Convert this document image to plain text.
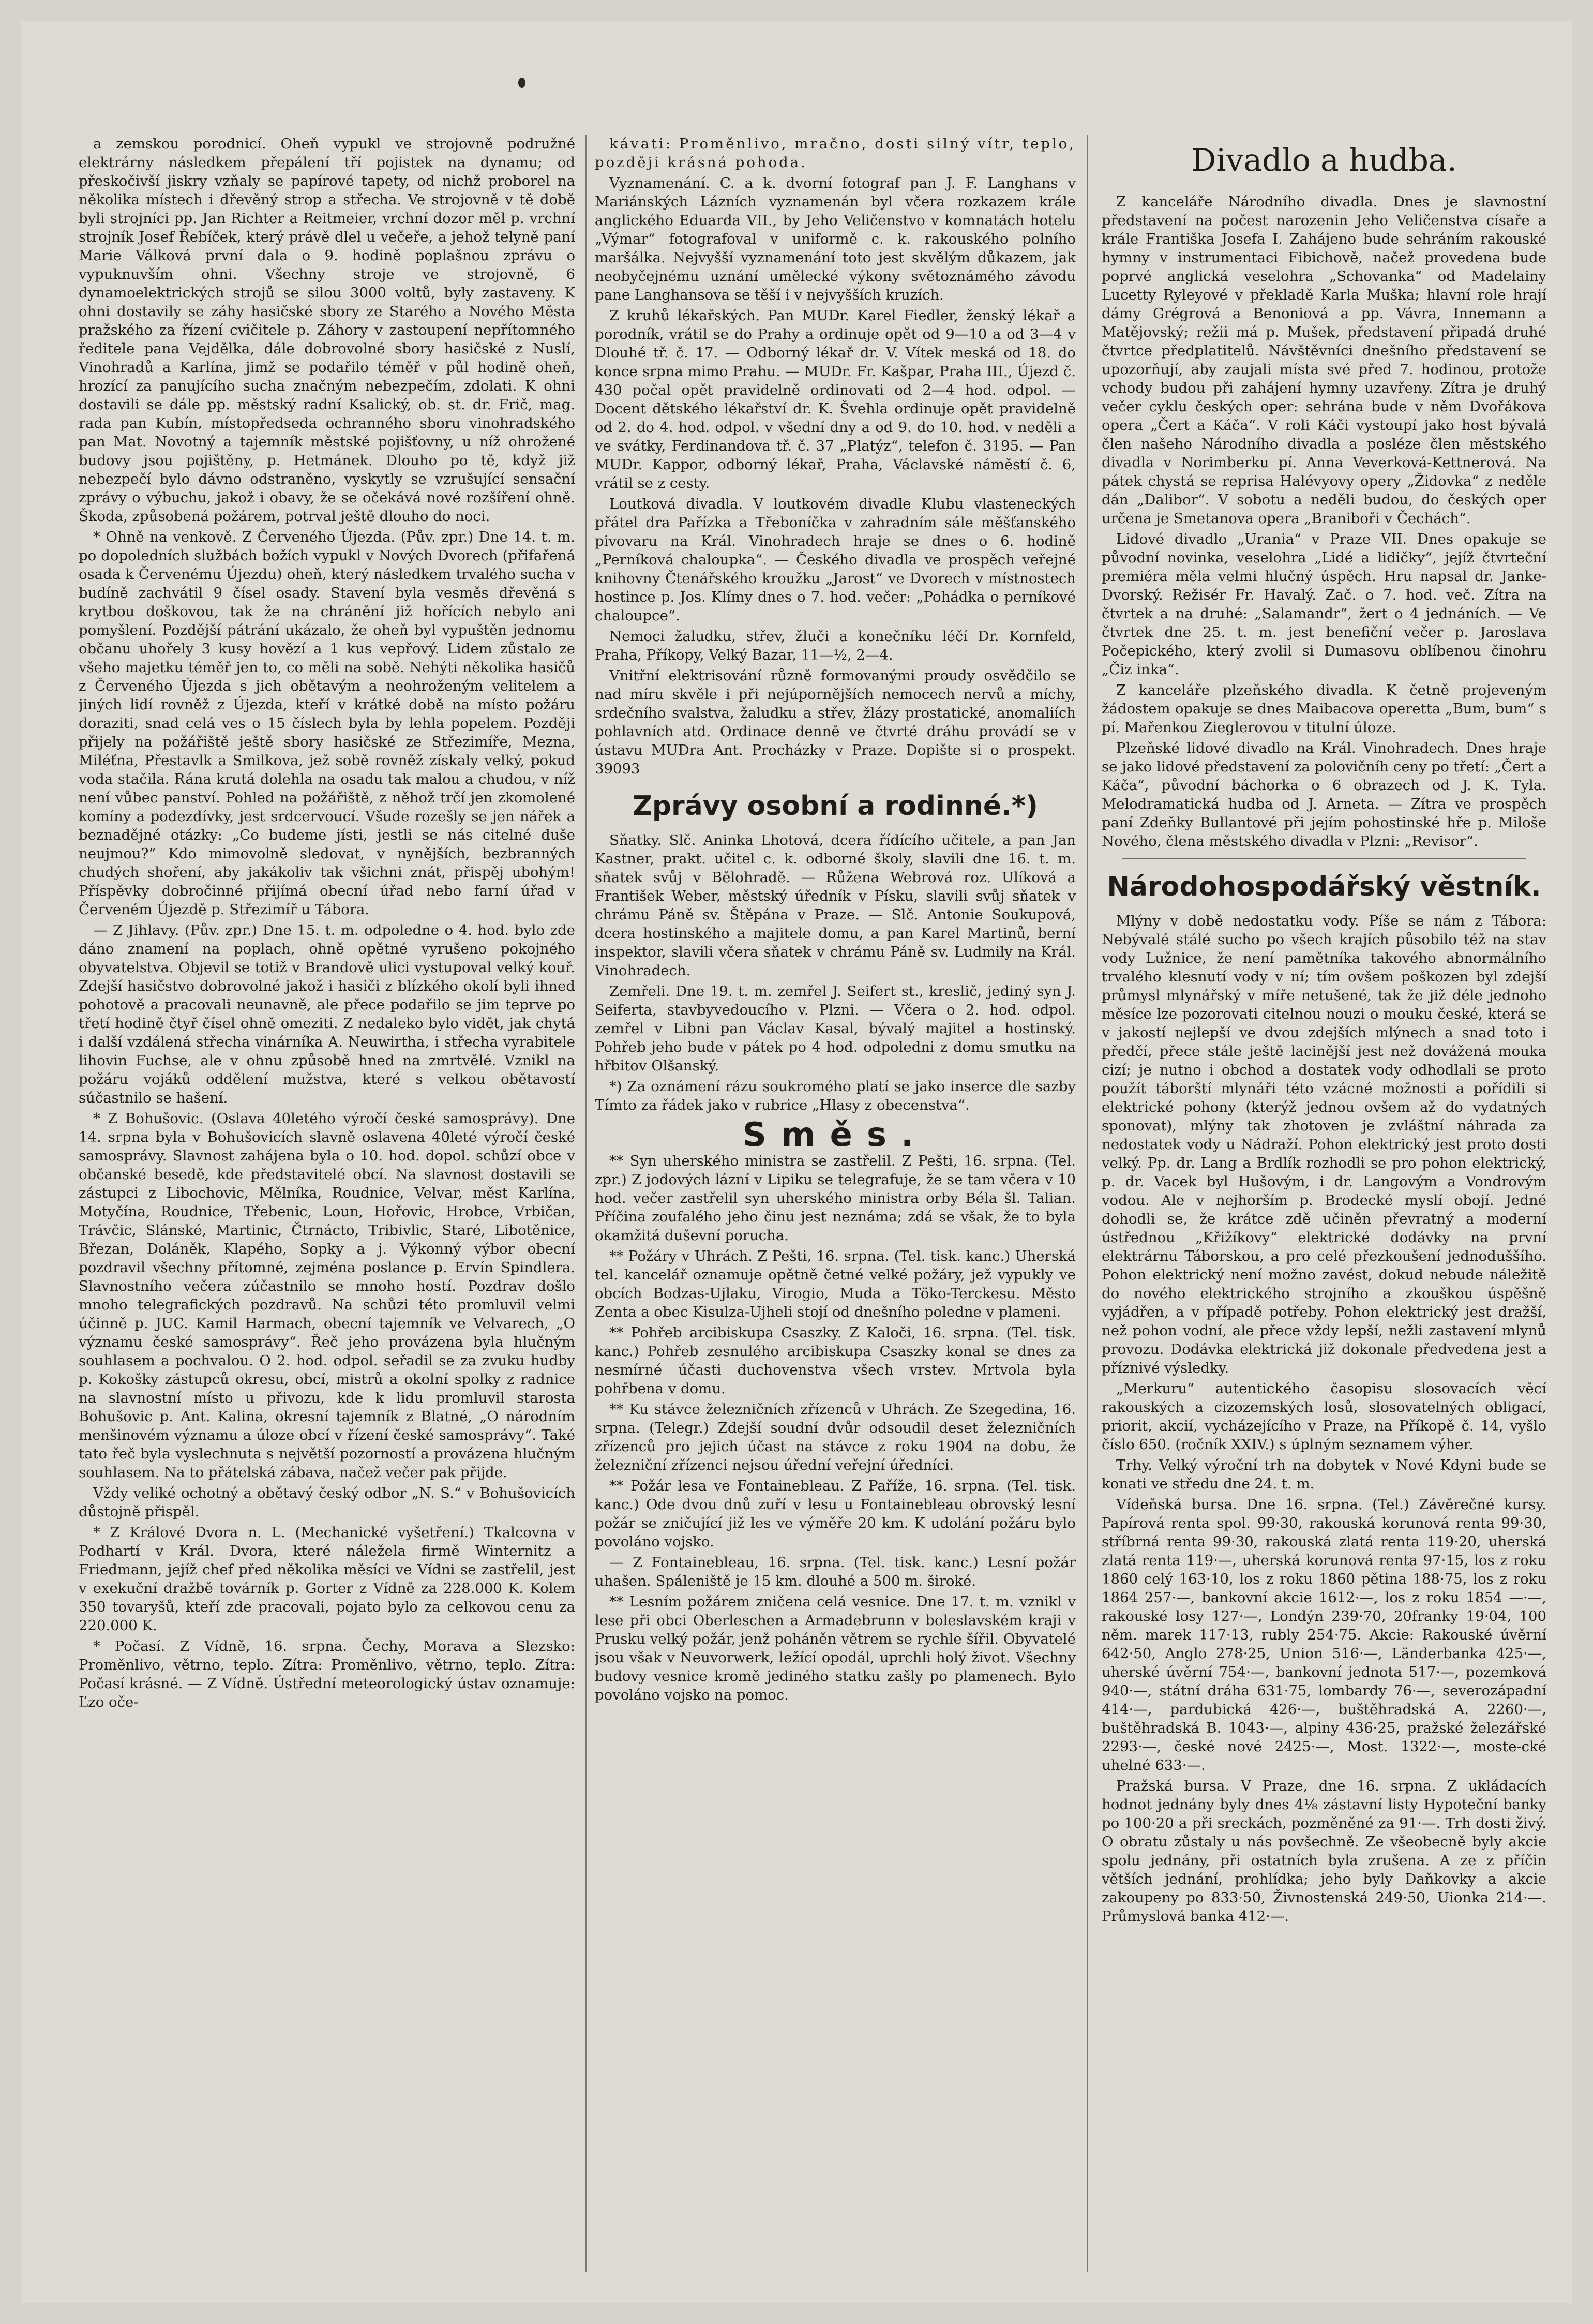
a zemskou porodnicí. Oheň vypukl ve strojovně podružné elektrárny následkem přepálení tří pojistek na dynamu; od přeskočivší jiskry vzňaly se papírové tapety, od nichž proborel na několika místech i dřevěný strop a střecha. Ve strojovně v tě době byli strojníci pp. Jan Richter a Reitmeier, vrchní dozor měl p. vrchní strojník Josef Řebíček, který právě dlel u večeře, a jehož telyně paní Marie Válková první dala o 9. hodině poplašnou zprávu o vypuknuvším ohni. Všechny stroje ve strojovně, 6 dynamoelektrických strojů se silou 3000 voltů, byly zastaveny. K ohni dostavily se záhy hasičské sbory ze Starého a Nového Města pražského za řízení cvičitele p. Záhory v zastoupení nepřítomného ředitele pana Vejdělka, dále dobrovolné sbory hasičské z Nuslí, Vinohradů a Karlína, jimž se podařilo téměř v půl hodině oheň, hrozící za panujícího sucha značným nebezpečím, zdolati. K ohni dostavili se dále pp. městský radní Ksalický, ob. st. dr. Frič, mag. rada pan Kubín, místopředseda ochranného sboru vinohradského pan Mat. Novotný a tajemník městské pojišťovny, u níž ohrožené budovy jsou pojištěny, p. Hetmánek. Dlouho po tě, když již nebezpečí bylo dávno odstraněno, vyskytly se vzrušující sensační zprávy o výbuchu, jakož i obavy, že se očekává nové rozšíření ohně. Škoda, způsobená požárem, potrval ještě dlouho do noci.

* Ohně na venkově. Z Červeného Újezda. (Pův. zpr.) Dne 14. t. m. po dopoledních službách božích vypukl v Nových Dvorech (přifařená osada k Červenému Újezdu) oheň, který následkem trvalého sucha v budíně zachvátil 9 čísel osady. Stavení byla vesměs dřevěná s krytbou doškovou, tak že na chránění již hořících nebylo ani pomyšlení. Pozdější pátrání ukázalo, že oheň byl vypuštěn jednomu občanu uhořely 3 kusy hovězí a 1 kus vepřový. Lidem zůstalo ze všeho majetku téměř jen to, co měli na sobě. Nehýti několika hasičů z Červeného Újezda s jich obětavým a neohroženým velitelem a jiných lidí rovněž z Újezda, kteří v krátké době na místo požáru doraziti, snad celá ves o 15 číslech byla by lehla popelem. Později přijely na požářiště ještě sbory hasičské ze Střezimíře, Mezna, Miléťna, Přestavlk a Smilkova, jež sobě rovněž získaly velký, pokud voda stačila. Rána krutá dolehla na osadu tak malou a chudou, v níž není vůbec panství. Pohled na požářiště, z něhož trčí jen zkomolené komíny a podezdívky, jest srdcervoucí. Všude rozešly se jen nářek a beznadějné otázky: „Co budeme jísti, jestli se nás citelné duše neujmou?“ Kdo mimovolně sledovat, v nynějších, bezbranných chudých shoření, aby jakákoliv tak všichni znát, přispěj ubohým! Příspěvky dobročinné přijímá obecní úřad nebo farní úřad v Červeném Újezdě p. Střezimíř u Tábora.

— Z Jihlavy. (Pův. zpr.) Dne 15. t. m. odpoledne o 4. hod. bylo zde dáno znamení na poplach, ohně opětné vyrušeno pokojného obyvatelstva. Objevil se totiž v Brandově ulici vystupoval velký kouř. Zdejší hasičstvo dobrovolné jakož i hasiči z blízkého okolí byli ihned pohotově a pracovali neunavně, ale přece podařilo se jim teprve po třetí hodině čtyř čísel ohně omeziti. Z nedaleko bylo vidět, jak chytá i další vzdálená střecha vinárníka A. Neuwirtha, i střecha vyrabitele lihovin Fuchse, ale v ohnu způsobě hned na zmrtvělé. Vznikl na požáru vojáků oddělení mužstva, které s velkou obětavostí súčastnilo se hašení.

* Z Bohušovic. (Oslava 40letého výročí české samosprávy). Dne 14. srpna byla v Bohušovicích slavně oslavena 40leté výročí české samosprávy. Slavnost zahájena byla o 10. hod. dopol. schůzí obce v občanské besedě, kde představitelé obcí. Na slavnost dostavili se zástupci z Libochovic, Mělníka, Roudnice, Velvar, měst Karlína, Motyčína, Roudnice, Třebenic, Loun, Hořovic, Hrobce, Vrbičan, Trávčic, Slánské, Martinic, Čtrnácto, Tribivlic, Staré, Libotěnice, Březan, Doláněk, Klapého, Sopky a j. Výkonný výbor obecní pozdravil všechny přítomné, zejména poslance p. Ervín Spindlera. Slavnostního večera zúčastnilo se mnoho hostí. Pozdrav došlo mnoho telegrafických pozdravů. Na schůzi této promluvil velmi účinně p. JUC. Kamil Harmach, obecní tajemník ve Velvarech, „O významu české samosprávy“. Řeč jeho provázena byla hlučným souhlasem a pochvalou. O 2. hod. odpol. seřadil se za zvuku hudby p. Kokošky zástupců okresu, obcí, mistrů a okolní spolky z radnice na slavnostní místo u přivozu, kde k lidu promluvil starosta Bohušovic p. Ant. Kalina, okresní tajemník z Blatné, „O národním menšinovém významu a úloze obcí v řízení české samosprávy“. Také tato řeč byla vyslechnuta s největší pozorností a provázena hlučným souhlasem. Na to přátelská zábava, načež večer pak přijde.

Vždy veliké ochotný a obětavý český odbor „N. S.“ v Bohušovicích důstojně přispěl.

* Z Králové Dvora n. L. (Mechanické vyšetření.) Tkalcovna v Podhartí v Král. Dvora, které náležela firmě Winternitz a Friedmann, jejíž chef před několika měsíci ve Vídni se zastřelil, jest v exekuční dražbě továrník p. Gorter z Vídně za 228.000 K. Kolem 350 tovaryšů, kteří zde pracovali, pojato bylo za celkovou cenu za 220.000 K.

* Počasí. Z Vídně, 16. srpna. Čechy, Morava a Slezsko: Proměnlivo, větrno, teplo. Zítra: Proměnlivo, větrno, teplo. Zítra: Počasí krásné. — Z Vídně. Ústřední meteorologický ústav oznamuje: Ľzo oče-

kávati: Proměnlivo, mračno, dosti silný vítr, teplo, později krásná pohoda.

Vyznamenání. C. a k. dvorní fotograf pan J. F. Langhans v Mariánských Lázních vyznamenán byl včera rozkazem krále anglického Eduarda VII., by Jeho Veličenstvo v komnatách hotelu „Výmar“ fotografoval v uniformě c. k. rakouského polního maršálka. Nejvyšší vyznamenání toto jest skvělým důkazem, jak neobyčejnému uznání umělecké výkony světoznámého závodu pane Langhansova se těší i v nejvyšších kruzích.

Z kruhů lékařských. Pan MUDr. Karel Fiedler, ženský lékař a porodník, vrátil se do Prahy a ordinuje opět od 9—10 a od 3—4 v Dlouhé tř. č. 17. — Odborný lékař dr. V. Vítek meská od 18. do konce srpna mimo Prahu. — MUDr. Fr. Kašpar, Praha III., Újezd č. 430 počal opět pravidelně ordinovati od 2—4 hod. odpol. — Docent dětského lékařství dr. K. Švehla ordinuje opět pravidelně od 2. do 4. hod. odpol. v všední dny a od 9. do 10. hod. v neděli a ve svátky, Ferdinandova tř. č. 37 „Platýz“, telefon č. 3195. — Pan MUDr. Kappor, odborný lékař, Praha, Václavské náměstí č. 6, vrátil se z cesty.

Loutková divadla. V loutkovém divadle Klubu vlasteneckých přátel dra Pařízka a Třeboníčka v zahradním sále měšťanského pivovaru na Král. Vinohradech hraje se dnes o 6. hodině „Perníková chaloupka“. — Českého divadla ve prospěch veřejné knihovny Čtenářského kroužku „Jarost“ ve Dvorech v místnostech hostince p. Jos. Klímy dnes o 7. hod. večer: „Pohádka o perníkové chaloupce“.

Nemoci žaludku, střev, žluči a konečníku léčí Dr. Kornfeld, Praha, Příkopy, Velký Bazar, 11—½, 2—4.

Vnitřní elektrisování různě formovanými proudy osvědčilo se nad míru skvěle i při nejúpornějších nemocech nervů a míchy, srdečního svalstva, žaludku a střev, žlázy prostatické, anomaliích pohlavních atd. Ordinace denně ve čtvrté dráhu provádí se v ústavu MUDra Ant. Procházky v Praze. Dopište si o prospekt. 39093

Zprávy osobní a rodinné.*)

Sňatky. Slč. Aninka Lhotová, dcera řídícího učitele, a pan Jan Kastner, prakt. učitel c. k. odborné školy, slavili dne 16. t. m. sňatek svůj v Bělohradě. — Růžena Webrová roz. Ulíková a František Weber, městský úředník v Písku, slavili svůj sňatek v chrámu Páně sv. Štěpána v Praze. — Slč. Antonie Soukupová, dcera hostinského a majitele domu, a pan Karel Martinů, berní inspektor, slavili včera sňatek v chrámu Páně sv. Ludmily na Král. Vinohradech.

Zemřeli. Dne 19. t. m. zemřel J. Seifert st., kreslič, jediný syn J. Seiferta, stavbyvedoucího v. Plzni. — Včera o 2. hod. odpol. zemřel v Libni pan Václav Kasal, bývalý majitel a hostinský. Pohřeb jeho bude v pátek po 4 hod. odpoledni z domu smutku na hřbitov Olšanský.

*) Za oznámení rázu soukromého platí se jako inserce dle sazby Tímto za řádek jako v rubrice „Hlasy z obecenstva“.

Směs.

** Syn uherského ministra se zastřelil. Z Pešti, 16. srpna. (Tel. zpr.) Z jodových lázní v Lipiku se telegrafuje, že se tam včera v 10 hod. večer zastřelil syn uherského ministra orby Béla šl. Talian. Příčina zoufalého jeho činu jest neznáma; zdá se však, že to byla okamžitá duševní porucha.

** Požáry v Uhrách. Z Pešti, 16. srpna. (Tel. tisk. kanc.) Uherská tel. kancelář oznamuje opětně četné velké požáry, jež vypukly ve obcích Bodzas-Ujlaku, Virogio, Muda a Töko-Terckesu. Město Zenta a obec Kisulza-Ujheli stojí od dnešního poledne v plameni.

** Pohřeb arcibiskupa Csaszky. Z Kaloči, 16. srpna. (Tel. tisk. kanc.) Pohřeb zesnulého arcibiskupa Csaszky konal se dnes za nesmírné účasti duchovenstva všech vrstev. Mrtvola byla pohřbena v domu.

** Ku stávce železničních zřízenců v Uhrách. Ze Szegedina, 16. srpna. (Telegr.) Zdejší soudní dvůr odsoudil deset železničních zřízenců pro jejich účast na stávce z roku 1904 na dobu, že železniční zřízenci nejsou úřední veřejní úředníci.

** Požár lesa ve Fontainebleau. Z Paříže, 16. srpna. (Tel. tisk. kanc.) Ode dvou dnů zuří v lesu u Fontainebleau obrovský lesní požár se zničující již les ve výměře 20 km. K udolání požáru bylo povoláno vojsko.

— Z Fontainebleau, 16. srpna. (Tel. tisk. kanc.) Lesní požár uhašen. Spáleniště je 15 km. dlouhé a 500 m. široké.

** Lesním požárem zničena celá vesnice. Dne 17. t. m. vznikl v lese při obci Oberleschen a Armadebrunn v boleslavském kraji v Prusku velký požár, jenž poháněn větrem se rychle šířil. Obyvatelé jsou však v Neuvorwerk, ležící opodál, uprchli holý život. Všechny budovy vesnice kromě jediného statku zašly po plamenech. Bylo povoláno vojsko na pomoc.

Divadlo a hudba.

Z kanceláře Národního divadla. Dnes je slavnostní představení na počest narozenin Jeho Veličenstva císaře a krále Františka Josefa I. Zahájeno bude sehráním rakouské hymny v instrumentaci Fibichově, načež provedena bude poprvé anglická veselohra „Schovanka“ od Madelainy Lucetty Ryleyové v překladě Karla Muška; hlavní role hrají dámy Grégrová a Benoniová a pp. Vávra, Innemann a Matějovský; režii má p. Mušek, představení připadá druhé čtvrtce předplatitelů. Návštěvníci dnešního představení se upozorňují, aby zaujali místa své před 7. hodinou, protože vchody budou při zahájení hymny uzavřeny. Zítra je druhý večer cyklu českých oper: sehrána bude v něm Dvořákova opera „Čert a Káča“. V roli Káči vystoupí jako host bývalá člen našeho Národního divadla a posléze člen městského divadla v Norimberku pí. Anna Veverková-Kettnerová. Na pátek chystá se reprisa Halévyovy opery „Židovka“ z neděle dán „Dalibor“. V sobotu a neděli budou, do českých oper určena je Smetanova opera „Braniboři v Čechách“.

Lidové divadlo „Urania“ v Praze VII. Dnes opakuje se původní novinka, veselohra „Lidé a lidičky“, jejíž čtvrteční premiéra měla velmi hlučný úspěch. Hru napsal dr. Janke-Dvorský. Režisér Fr. Havalý. Zač. o 7. hod. več. Zítra na čtvrtek a na druhé: „Salamandr“, žert o 4 jednáních. — Ve čtvrtek dne 25. t. m. jest benefiční večer p. Jaroslava Počepického, který zvolil si Dumasovu oblíbenou činohru „Čiz inka“.

Z kanceláře plzeňského divadla. K četně projeveným žádostem opakuje se dnes Maibacova operetta „Bum, bum“ s pí. Mařenkou Zieglerovou v titulní úloze.

Plzeňské lidové divadlo na Král. Vinohradech. Dnes hraje se jako lidové představení za polovičníh ceny po třetí: „Čert a Káča“, původní báchorka o 6 obrazech od J. K. Tyla. Melodramatická hudba od J. Arneta. — Zítra ve prospěch paní Zdeňky Bullantové při jejím pohostinské hře p. Miloše Nového, člena městského divadla v Plzni: „Revisor“.

Národohospodářský věstník.

Mlýny v době nedostatku vody. Píše se nám z Tábora: Nebývalé stálé sucho po všech krajích působilo též na stav vody Lužnice, že není pamětníka takového abnormálního trvalého klesnutí vody v ní; tím ovšem poškozen byl zdejší průmysl mlynářský v míře netušené, tak že již déle jednoho měsíce lze pozorovati citelnou nouzi o mouku české, která se v jakostí nejlepší ve dvou zdejších mlýnech a snad toto i předčí, přece stále ještě lacinější jest než dovážená mouka cizí; je nutno i obchod a dostatek vody odhodlali se proto použít táborští mlynáři této vzácné možnosti a pořídili si elektrické pohony (kterýž jednou ovšem až do vydatných sponovat), mlýny tak zhotoven je zvláštní náhrada za nedostatek vody u Nádraží. Pohon elektrický jest proto dosti velký. Pp. dr. Lang a Brdlík rozhodli se pro pohon elektrický, p. dr. Vacek byl Hušovým, i dr. Langovým a Vondrovým vodou. Ale v nejhorším p. Brodecké myslí obojí. Jedné dohodli se, že krátce zdě učiněn převratný a moderní ústřednou „Křižíkovy“ elektrické dodávky na první elektrárnu Táborskou, a pro celé přezkoušení jednoduššího. Pohon elektrický není možno zavést, dokud nebude náležitě do nového elektrického strojního a zkouškou úspěšně vyjádřen, a v případě potřeby. Pohon elektrický jest dražší, než pohon vodní, ale přece vždy lepší, nežli zastavení mlynů provozu. Dodávka elektrická již dokonale předvedena jest a příznivé výsledky.

„Merkuru“ autentického časopisu slosovacích věcí rakouských a cizozemských losů, slosovatelných obligací, priorit, akcií, vycházejícího v Praze, na Příkopě č. 14, vyšlo číslo 650. (ročník XXIV.) s úplným seznamem výher.

Trhy. Velký výroční trh na dobytek v Nové Kdyni bude se konati ve středu dne 24. t. m.

Vídeňská bursa. Dne 16. srpna. (Tel.) Závěrečné kursy. Papírová renta spol. 99·30, rakouská korunová renta 99·30, stříbrná renta 99·30, rakouská zlatá renta 119·20, uherská zlatá renta 119·—, uherská korunová renta 97·15, los z roku 1860 celý 163·10, los z roku 1860 pětina 188·75, los z roku 1864 257·—, bankovní akcie 1612·—, los z roku 1854 —·—, rakouské losy 127·—, Londýn 239·70, 20franky 19·04, 100 něm. marek 117·13, rubly 254·75. Akcie: Rakouské úvěrní 642·50, Anglo 278·25, Union 516·—, Länderbanka 425·—, uherské úvěrní 754·—, bankovní jednota 517·—, pozemková 940·—, státní dráha 631·75, lombardy 76·—, severozápadní 414·—, pardubická 426·—, buštěhradská A. 2260·—, buštěhradská B. 1043·—, alpiny 436·25, pražské železářské 2293·—, české nové 2425·—, Most. 1322·—, moste-cké uhelné 633·—.

Pražská bursa. V Praze, dne 16. srpna. Z ukládacích hodnot jednány byly dnes 4⅛ zástavní listy Hypoteční banky po 100·20 a při sreckách, pozměněné za 91·—. Trh dosti živý. O obratu zůstaly u nás povšechně. Ze všeobecně byly akcie spolu jednány, při ostatních byla zrušena. A ze z příčin větších jednání, prohlídka; jeho byly Daňkovky a akcie zakoupeny po 833·50, Živnostenská 249·50, Uionka 214·—. Průmyslová banka 412·—.
